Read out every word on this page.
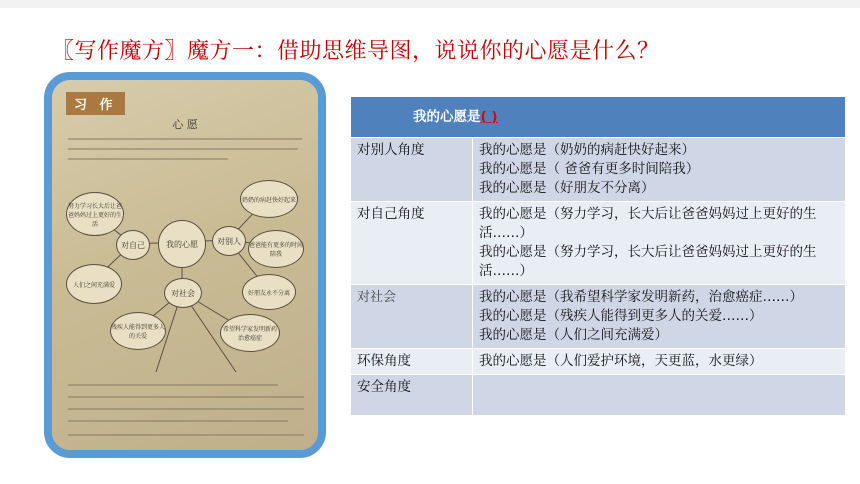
〖写作魔方〗魔方一：借助思维导图，说说你的心愿是什么？
习 作
心 愿
我的心愿
对自己	对别人
对社会
努力学习长大后让爸爸妈妈过上更好的生活
人们之间充满爱
奶奶的病赶快好起来
爸爸能有更多的时间陪我
好朋友永不分离
残疾人能得到更多人的关爱
希望科学家发明新药治愈癌症
我的心愿是( )	
对别人角度	我的心愿是（奶奶的病赶快好起来）
我的心愿是（ 爸爸有更多时间陪我）
我的心愿是（好朋友不分离）

对自己角度	我的心愿是（努力学习，长大后让爸爸妈妈过上更好的生活……）
我的心愿是（努力学习，长大后让爸爸妈妈过上更好的生活……）

对社会	我的心愿是（我希望科学家发明新药，治愈癌症……）
我的心愿是（残疾人能得到更多人的关爱……）
我的心愿是（人们之间充满爱）

环保角度	我的心愿是（人们爱护环境，天更蓝，水更绿）

安全角度	
